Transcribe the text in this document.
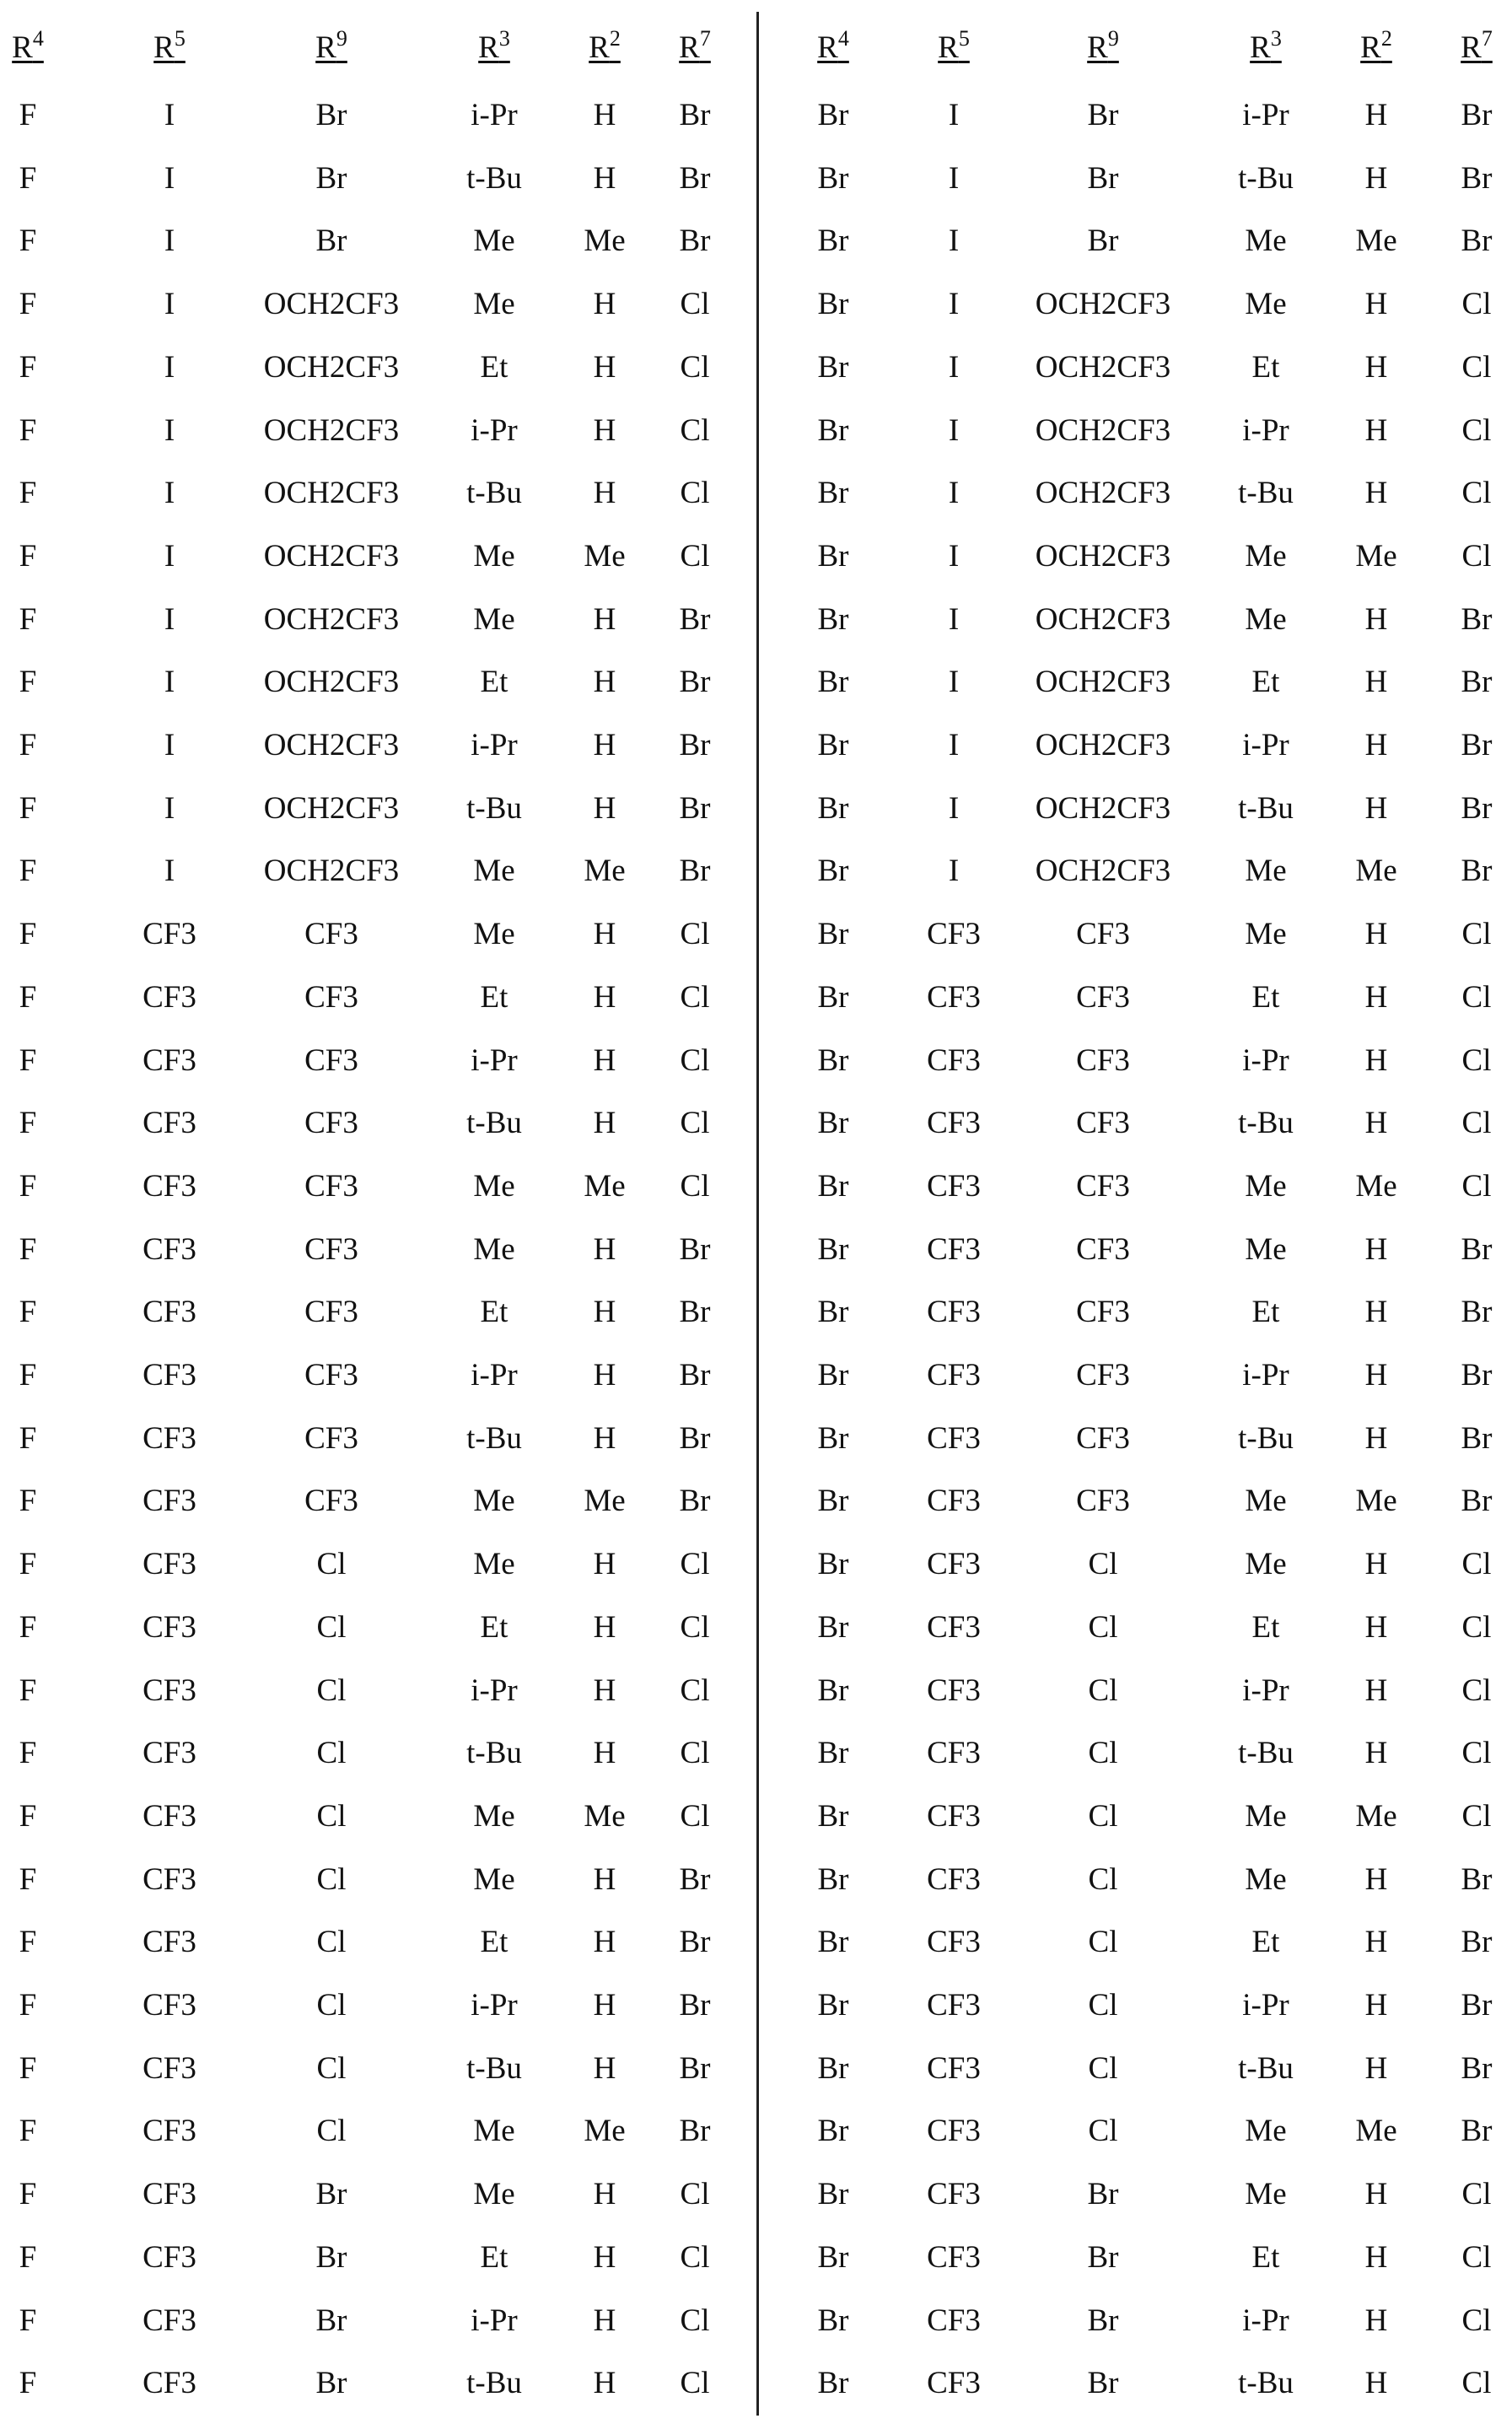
R4	R5	R9	R3	R2 R7
F	I	Br	i-Pr H Br
F	I	Br	t-Bu H Br
F	I	Br	Me Me Br
F	I	OCH2CF3 Me	H Cl
F	I	OCH2CF3	Et	H Cl
F	I	OCH2CF3 i-Pr H Cl
F	I	OCH2CF3 t-Bu H Cl
F	I	OCH2CF3 Me Me Cl
F	I	OCH2CF3 Me	H Br
F	I	OCH2CF3	Et	H Br
F	I	OCH2CF3 i-Pr H Br
F	I	OCH2CF3 t-Bu H Br
F	I	OCH2CF3 Me Me Br
F	CF3	CF3	Me	H Cl
F	CF3	CF3	Et	H Cl
F	CF3	CF3	i-Pr H Cl
F	CF3	CF3	t-Bu H Cl
F	CF3	CF3	Me Me Cl
F	CF3	CF3	Me	H Br
F	CF3	CF3	Et	H Br
F	CF3	CF3	i-Pr H Br
F	CF3	CF3	t-Bu H Br
F	CF3	CF3	Me Me Br
F	CF3	Cl	Me	H Cl
F	CF3	Cl	Et	H Cl
F	CF3	Cl	i-Pr H Cl
F	CF3	Cl	t-Bu H Cl
F	CF3	Cl	Me Me Cl
F	CF3	Cl	Me	H Br
F	CF3	Cl	Et	H Br
F	CF3	Cl	i-Pr H Br
F	CF3	Cl	t-Bu H Br
F	CF3	Cl	Me Me Br
F	CF3	Br	Me	H Cl
F	CF3	Br	Et	H Cl
F	CF3	Br	i-Pr H Cl
F	CF3	Br	t-Bu H Cl
R4	R5	R9	R3	R2 R7
Br	I	Br	i-Pr H Br
Br	I	Br	t-Bu H Br
Br	I	Br	Me Me Br
Br	I OCH2CF3 Me	H Cl
Br	I OCH2CF3	Et	H Cl
Br	I OCH2CF3 i-Pr H Cl
Br	I OCH2CF3 t-Bu H Cl
Br	I OCH2CF3 Me Me Cl
Br	I OCH2CF3 Me	H Br
Br	I OCH2CF3	Et	H Br
Br	I OCH2CF3 i-Pr H Br
Br	I OCH2CF3 t-Bu H Br
Br	I OCH2CF3 Me Me Br
Br	CF3	CF3	Me	H Cl
Br	CF3	CF3	Et	H Cl
Br	CF3	CF3	i-Pr H Cl
Br	CF3	CF3	t-Bu H Cl
Br	CF3	CF3	Me Me Cl
Br	CF3	CF3	Me	H Br
Br	CF3	CF3	Et	H Br
Br	CF3	CF3	i-Pr H Br
Br	CF3	CF3	t-Bu H Br
Br	CF3	CF3	Me Me Br
Br	CF3	Cl	Me	H Cl
Br	CF3	Cl	Et	H Cl
Br	CF3	Cl	i-Pr H Cl
Br	CF3	Cl	t-Bu H Cl
Br	CF3	Cl	Me Me Cl
Br	CF3	Cl	Me	H Br
Br	CF3	Cl	Et	H Br
Br	CF3	Cl	i-Pr H Br
Br	CF3	Cl	t-Bu H Br
Br	CF3	Cl	Me Me Br
Br	CF3	Br	Me	H Cl
Br	CF3	Br	Et	H Cl
Br	CF3	Br	i-Pr H Cl
Br	CF3	Br	t-Bu H Cl
